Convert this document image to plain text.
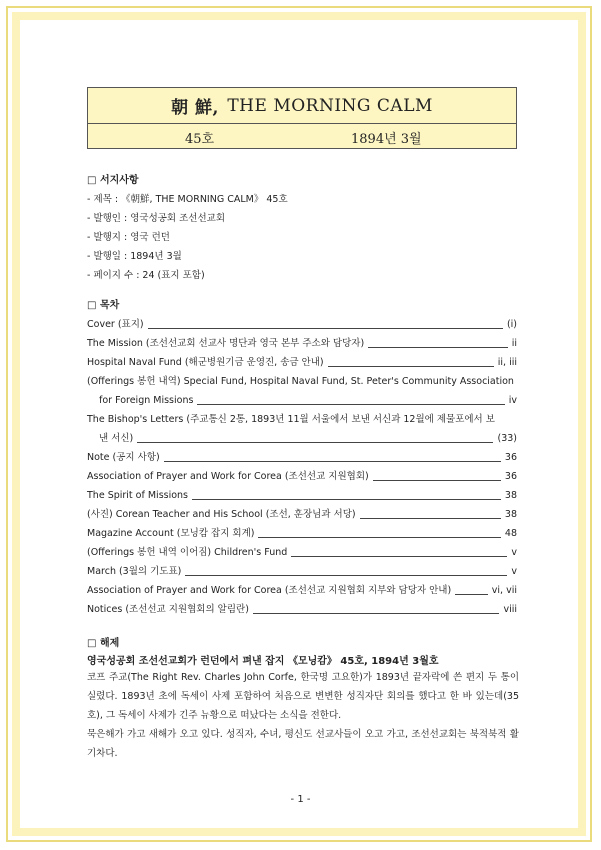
朝 鮮,
THE MORNING CALM
45호	1894년 3월
□ 서지사항
- 제목 : 《朝鮮, THE MORNING CALM》 45호
- 발행인 : 영국성공회 조선선교회
- 발행지 : 영국 런던
- 발행일 : 1894년 3월
- 페이지 수 : 24 (표지 포함)
□ 목차
Cover (표지)	(i)
The Mission (조선선교회 선교사 명단과 영국 본부 주소와 담당자)	ii
Hospital Naval Fund (해군병원기금 운영진, 송금 안내)	ii, iii
(Offerings 봉헌 내역) Special Fund, Hospital Naval Fund, St. Peter's Community Association
for Foreign Missions	iv
The Bishop's Letters (주교통신 2통, 1893년 11월 서울에서 보낸 서신과 12월에 제물포에서 보
낸 서신)	(33)
Note (공지 사항)	36
Association of Prayer and Work for Corea (조선선교 지원협회)	36
The Spirit of Missions	38
(사진) Corean Teacher and His School (조선, 훈장님과 서당)	38
Magazine Account (모닝캄 잡지 회계)	48
(Offerings 봉헌 내역 이어짐) Children's Fund	v
March (3월의 기도표)	v
Association of Prayer and Work for Corea (조선선교 지원협회 지부와 담당자 안내)	vi, vii
Notices (조선선교 지원협회의 알림란)	viii
□ 해제
영국성공회 조선선교회가 런던에서 펴낸 잡지 《모닝캄》 45호, 1894년 3월호

코프 주교(The Right Rev. Charles John Corfe, 한국명 고요한)가 1893년 끝자락에 쓴 편지 두 통이 실렸다. 1893년 초에 독세이 사제 포함하여 처음으로 변변한 성직자단 회의를 했다고 한 바 있는데(35호), 그 독세이 사제가 긴주 뉴황으로 떠났다는 소식을 전한다.

묵은해가 가고 새해가 오고 있다. 성직자, 수녀, 평신도 선교사들이 오고 가고, 조선선교회는 북적북적 활기차다.

- 1 -
